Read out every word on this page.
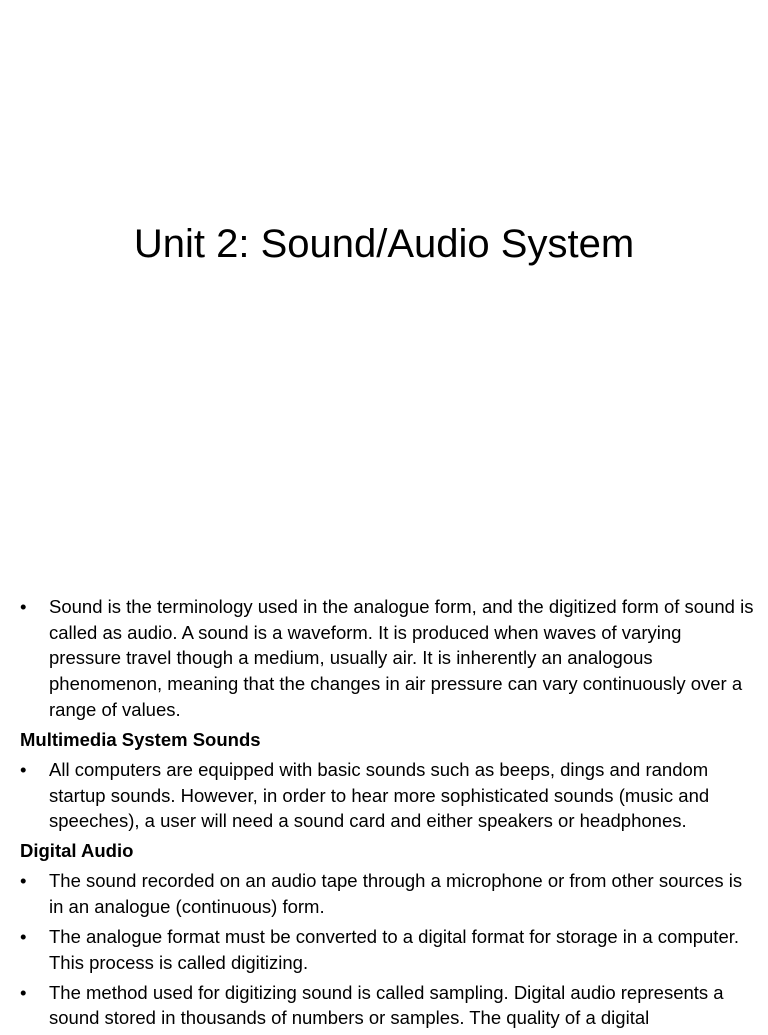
Unit 2: Sound/Audio System
•	Sound is the terminology used in the analogue form, and the digitized form of sound is called as audio. A sound is a waveform. It is produced when waves of varying pressure travel though a medium, usually air. It is inherently an analogous phenomenon, meaning that the changes in air pressure can vary continuously over a range of values.
Multimedia System Sounds
•	All computers are equipped with basic sounds such as beeps, dings and random startup sounds. However, in order to hear more sophisticated sounds (music and speeches), a user will need a sound card and either speakers or headphones.
Digital Audio
•	The sound recorded on an audio tape through a microphone or from other sources is in an analogue (continuous) form.
•	The analogue format must be converted to a digital format for storage in a computer. This process is called digitizing.
•	The method used for digitizing sound is called sampling. Digital audio represents a sound stored in thousands of numbers or samples. The quality of a digital
